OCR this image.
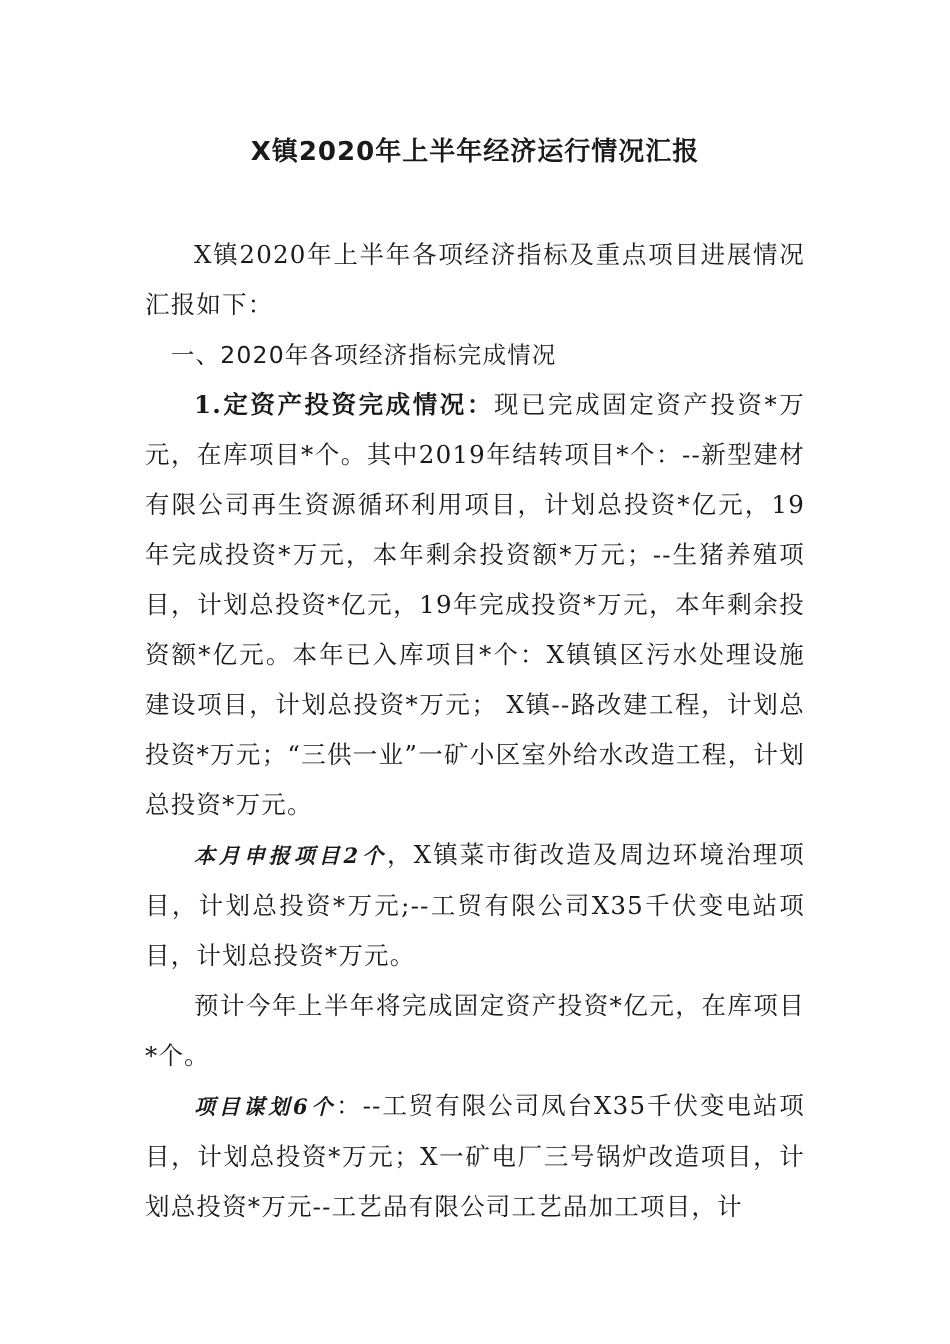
X镇2020年上半年经济运行情况汇报

X镇2020年上半年各项经济指标及重点项目进展情况汇报如下：

一、2020年各项经济指标完成情况

1.定资产投资完成情况：现已完成固定资产投资*万元，在库项目*个。其中2019年结转项目*个：--新型建材有限公司再生资源循环利用项目，计划总投资*亿元，19年完成投资*万元，本年剩余投资额*万元；--生猪养殖项目，计划总投资*亿元，19年完成投资*万元，本年剩余投资额*亿元。本年已入库项目*个：X镇镇区污水处理设施建设项目，计划总投资*万元； X镇--路改建工程，计划总投资*万元；“三供一业”一矿小区室外给水改造工程，计划总投资*万元。

本月申报项目2个，X镇菜市街改造及周边环境治理项目，计划总投资*万元;--工贸有限公司X35千伏变电站项目，计划总投资*万元。

预计今年上半年将完成固定资产投资*亿元，在库项目*个。

项目谋划6个：--工贸有限公司凤台X35千伏变电站项目，计划总投资*万元；X一矿电厂三号锅炉改造项目，计划总投资*万元--工艺品有限公司工艺品加工项目，计
